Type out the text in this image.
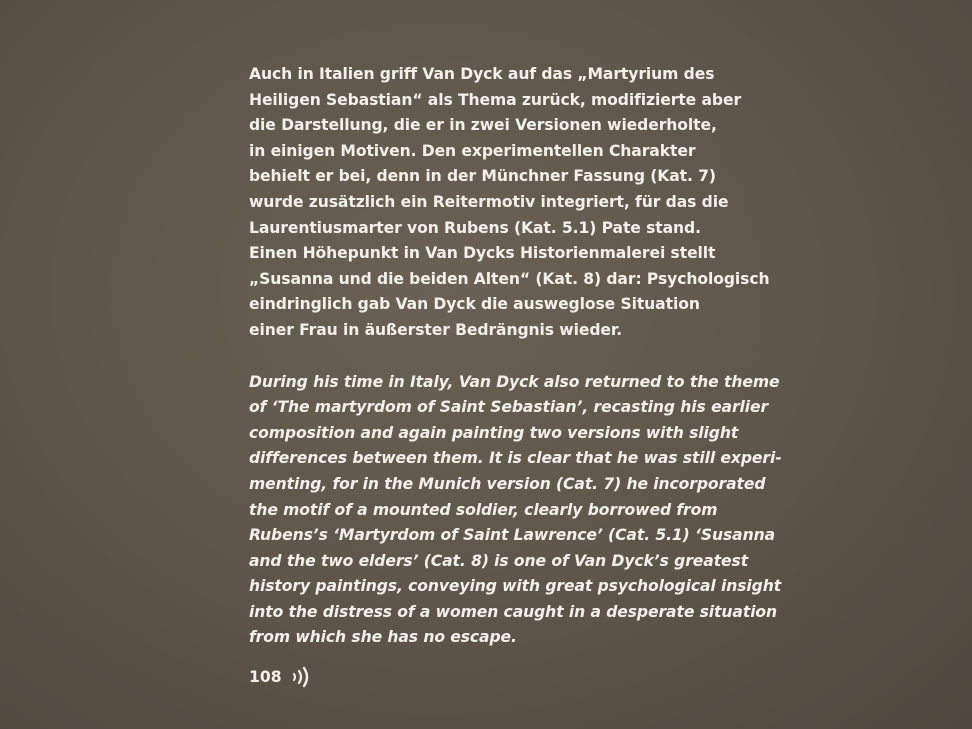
Auch in Italien griff Van Dyck auf das „Martyrium des
Heiligen Sebastian“ als Thema zurück, modifizierte aber
die Darstellung, die er in zwei Versionen wiederholte,
in einigen Motiven. Den experimentellen Charakter
behielt er bei, denn in der Münchner Fassung (Kat. 7)
wurde zusätzlich ein Reitermotiv integriert, für das die
Laurentiusmarter von Rubens (Kat. 5.1) Pate stand.
Einen Höhepunkt in Van Dycks Historienmalerei stellt
„Susanna und die beiden Alten“ (Kat. 8) dar: Psychologisch
eindringlich gab Van Dyck die ausweglose Situation
einer Frau in äußerster Bedrängnis wieder.
During his time in Italy, Van Dyck also returned to the theme
of ‘The martyrdom of Saint Sebastian’, recasting his earlier
composition and again painting two versions with slight
differences between them. It is clear that he was still experi-
menting, for in the Munich version (Cat. 7) he incorporated
the motif of a mounted soldier, clearly borrowed from
Rubens’s ‘Martyrdom of Saint Lawrence’ (Cat. 5.1) ‘Susanna
and the two elders’ (Cat. 8) is one of Van Dyck’s greatest
history paintings, conveying with great psychological insight
into the distress of a women caught in a desperate situation
from which she has no escape.
108
